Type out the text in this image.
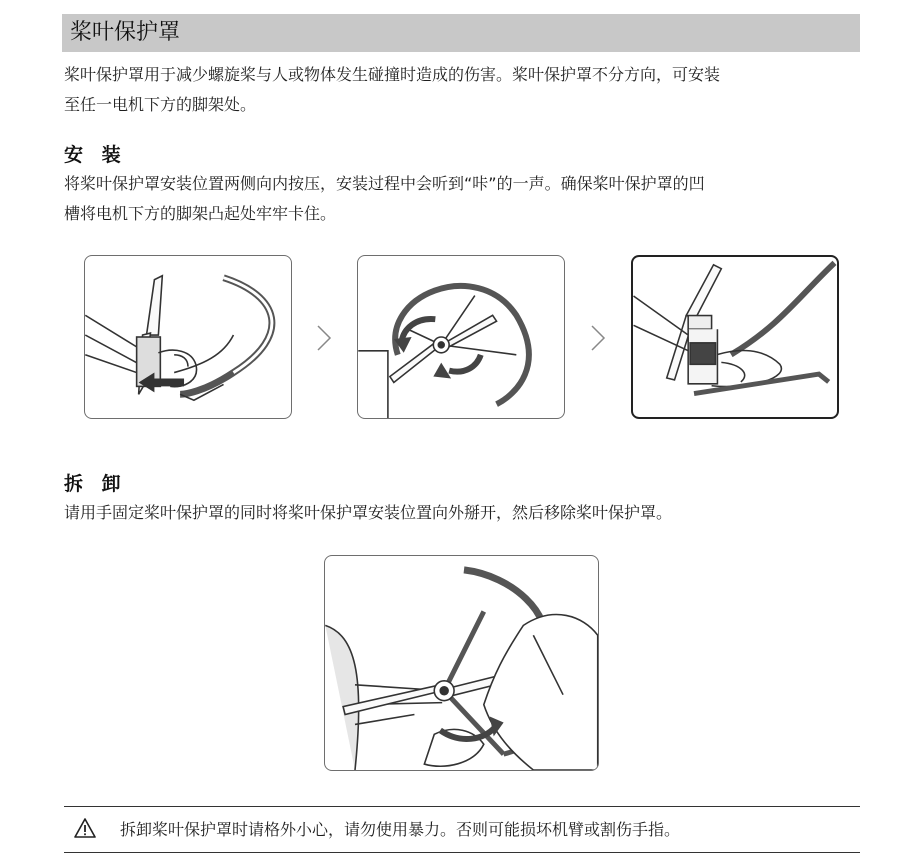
桨叶保护罩
桨叶保护罩用于减少螺旋桨与人或物体发生碰撞时造成的伤害。桨叶保护罩不分方向，可安装
至任一电机下方的脚架处。
安 装
将桨叶保护罩安装位置两侧向内按压，安装过程中会听到“咔”的一声。确保桨叶保护罩的凹
槽将电机下方的脚架凸起处牢牢卡住。
拆 卸
请用手固定桨叶保护罩的同时将桨叶保护罩安装位置向外掰开，然后移除桨叶保护罩。
拆卸桨叶保护罩时请格外小心，请勿使用暴力。否则可能损坏机臂或割伤手指。
